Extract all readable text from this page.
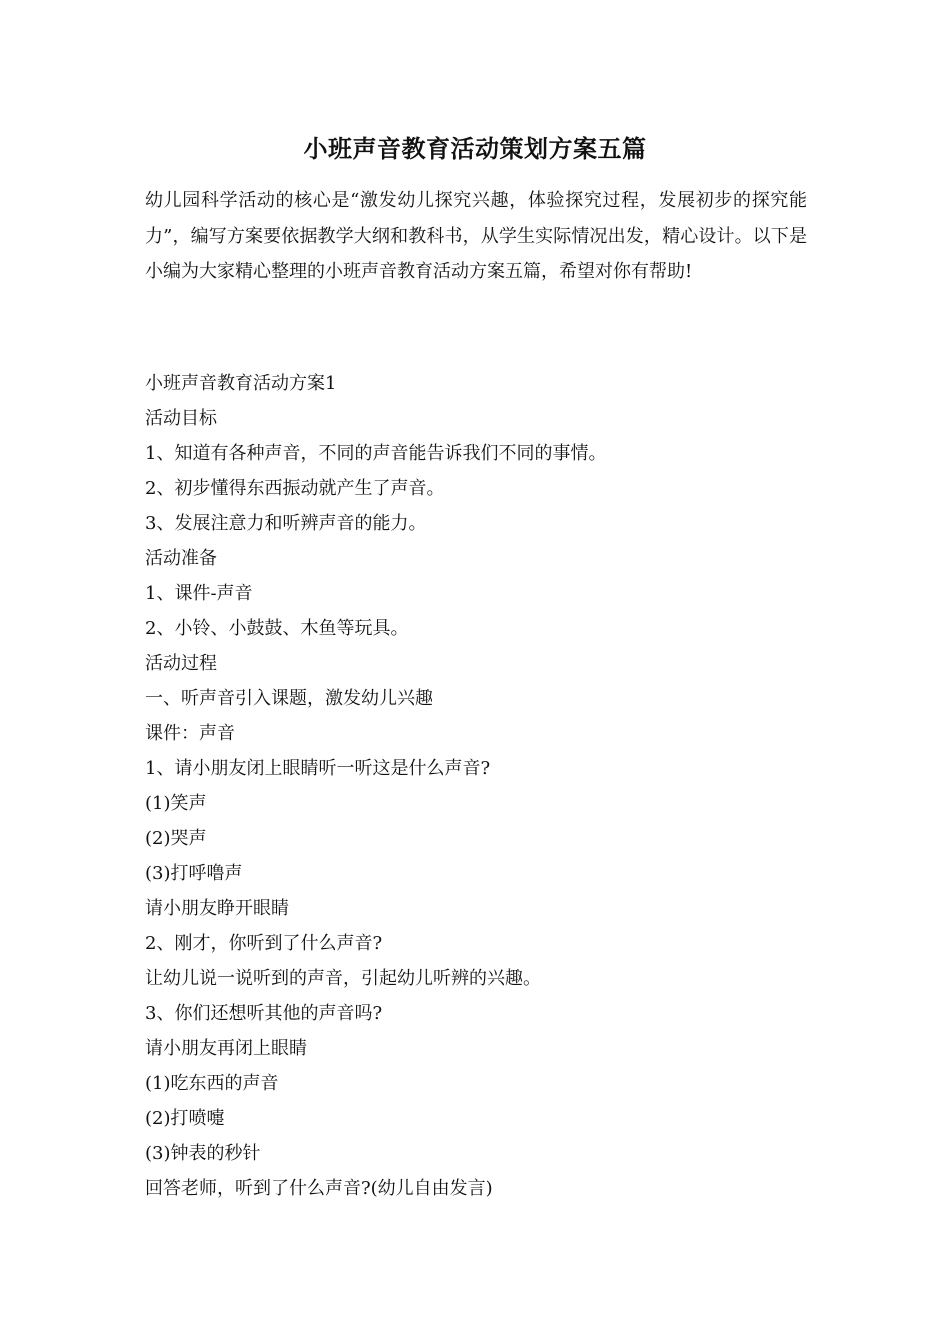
小班声音教育活动策划方案五篇

幼儿园科学活动的核心是“激发幼儿探究兴趣，体验探究过程，发展初步的探究能力”，编写方案要依据教学大纲和教科书，从学生实际情况出发，精心设计。以下是小编为大家精心整理的小班声音教育活动方案五篇，希望对你有帮助!

小班声音教育活动方案1
活动目标
1、知道有各种声音，不同的声音能告诉我们不同的事情。
2、初步懂得东西振动就产生了声音。
3、发展注意力和听辨声音的能力。
活动准备
1、课件-声音
2、小铃、小鼓鼓、木鱼等玩具。
活动过程
一、听声音引入课题，激发幼儿兴趣
课件：声音
1、请小朋友闭上眼睛听一听这是什么声音?
(1)笑声
(2)哭声
(3)打呼噜声
请小朋友睁开眼睛
2、刚才，你听到了什么声音?
让幼儿说一说听到的声音，引起幼儿听辨的兴趣。
3、你们还想听其他的声音吗?
请小朋友再闭上眼睛
(1)吃东西的声音
(2)打喷嚏
(3)钟表的秒针
回答老师，听到了什么声音?(幼儿自由发言)
